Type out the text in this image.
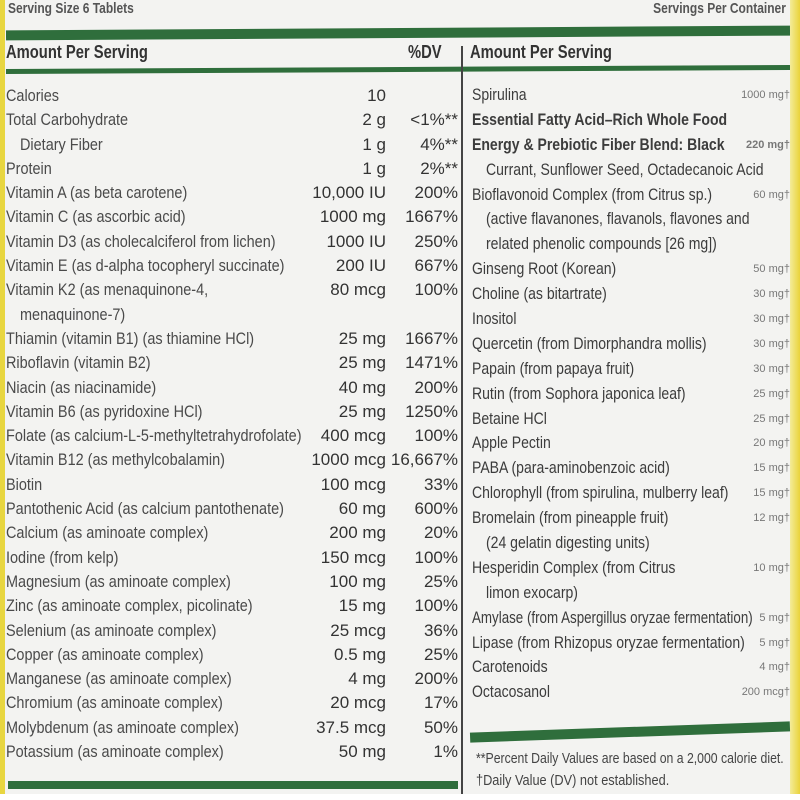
Serving Size 6 Tablets	Servings Per Container
Amount Per Serving	%DV Amount Per Serving
Calories	10
Total Carbohydrate	2 g <1%**
Dietary Fiber	1 g 4%**
Protein	1 g 2%**
Vitamin A (as beta carotene)	10,000 IU 200%
Vitamin C (as ascorbic acid)	1000 mg 1667%
Vitamin D3 (as cholecalciferol from lichen)	1000 IU 250%
Vitamin E (as d-alpha tocopheryl succinate)	200 IU 667%
Vitamin K2 (as menaquinone-4,	80 mcg 100%
menaquinone-7)
Thiamin (vitamin B1) (as thiamine HCl)	25 mg 1667%
Riboflavin (vitamin B2)	25 mg 1471%
Niacin (as niacinamide)	40 mg 200%
Vitamin B6 (as pyridoxine HCl)	25 mg 1250%
Folate (as calcium-L-5-methyltetrahydrofolate) 400 mcg 100%
Vitamin B12 (as methylcobalamin)	1000 mcg 16,667%
Biotin	100 mcg 33%
Pantothenic Acid (as calcium pantothenate)	60 mg 600%
Calcium (as aminoate complex)	200 mg 20%
Iodine (from kelp)	150 mcg 100%
Magnesium (as aminoate complex)	100 mg 25%
Zinc (as aminoate complex, picolinate)	15 mg 100%
Selenium (as aminoate complex)	25 mcg 36%
Copper (as aminoate complex)	0.5 mg 25%
Manganese (as aminoate complex)	4 mg 200%
Chromium (as aminoate complex)	20 mcg 17%
Molybdenum (as aminoate complex)	37.5 mcg 50%
Potassium (as aminoate complex)	50 mg	1%
Spirulina	1000 mg†
Essential Fatty Acid–Rich Whole Food
Energy & Prebiotic Fiber Blend: Black 220 mg†
Currant, Sunflower Seed, Octadecanoic Acid
Bioflavonoid Complex (from Citrus sp.)	60 mg†
(active flavanones, flavanols, flavones and
related phenolic compounds [26 mg])
Ginseng Root (Korean)	50 mg†
Choline (as bitartrate)	30 mg†
Inositol	30 mg†
Quercetin (from Dimorphandra mollis)	30 mg†
Papain (from papaya fruit)	30 mg†
Rutin (from Sophora japonica leaf)	25 mg†
Betaine HCl	25 mg†
Apple Pectin	20 mg†
PABA (para-aminobenzoic acid)	15 mg†
Chlorophyll (from spirulina, mulberry leaf) 15 mg†
Bromelain (from pineapple fruit)	12 mg†
(24 gelatin digesting units)
Hesperidin Complex (from Citrus	10 mg†
limon exocarp)
Amylase (from Aspergillus oryzae fermentation) 5 mg†
Lipase (from Rhizopus oryzae fermentation) 5 mg†
Carotenoids	4 mg†
Octacosanol	200 mcg†
**Percent Daily Values are based on a 2,000 calorie diet.
†Daily Value (DV) not established.
